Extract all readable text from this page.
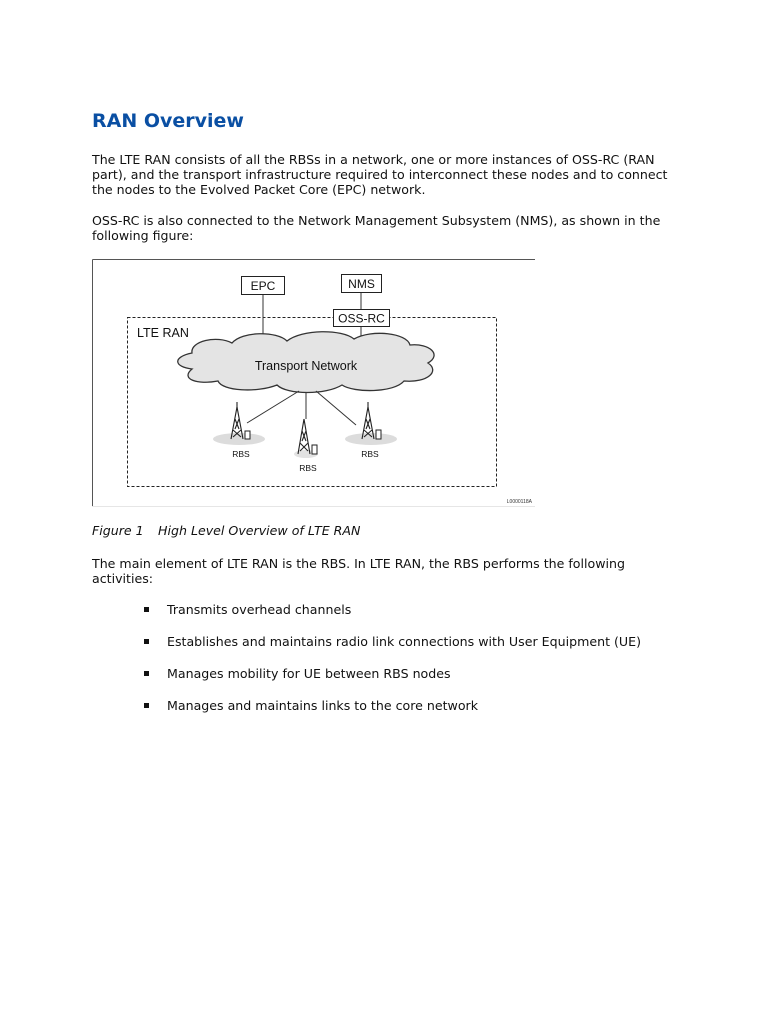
RAN Overview

The LTE RAN consists of all the RBSs in a network, one or more instances of OSS-RC (RAN part), and the transport infrastructure required to interconnect these nodes and to connect the nodes to the Evolved Packet Core (EPC) network.

OSS-RC is also connected to the Network Management Subsystem (NMS), as shown in the following figure:

LTE RAN
EPC	NMS
Transport Network
OSS-RC
RBS
RBS
RBS
L0000118A

Figure 1 High Level Overview of LTE RAN

The main element of LTE RAN is the RBS. In LTE RAN, the RBS performs the following activities:

Transmits overhead channels
Establishes and maintains radio link connections with User Equipment (UE)
Manages mobility for UE between RBS nodes
Manages and maintains links to the core network
